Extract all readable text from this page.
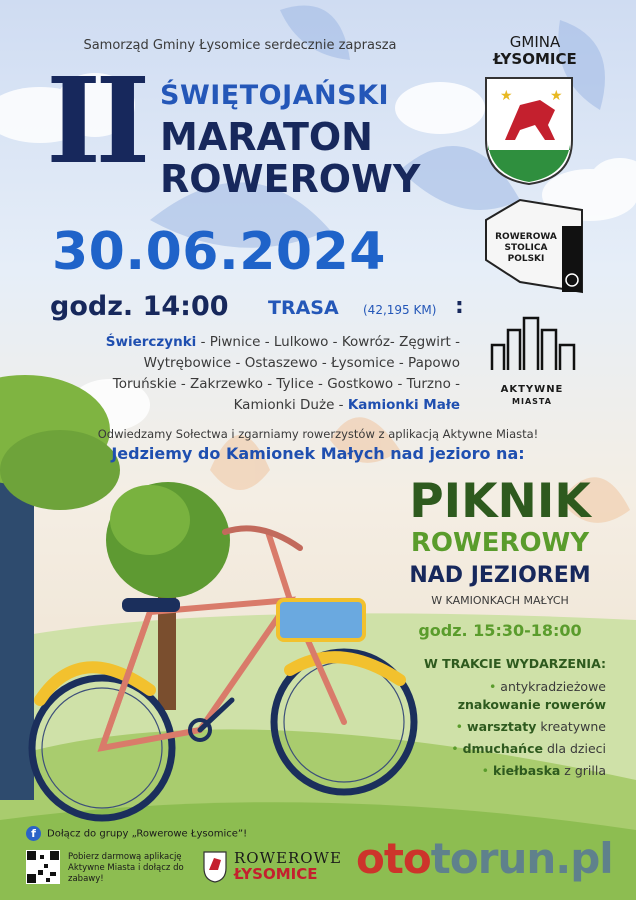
★	★
Samorząd Gminy Łysomice serdecznie zaprasza
II ŚWIĘTOJAŃSKI
MARATON
ROWEROWY
GMINA
ŁYSOMICE
ROWEROWA
STOLICA
POLSKI
AKTYWNE
MIASTA
30.06.2024
godz. 14:00 TRASA (42,195 KM) :
Świerczynki - Piwnice - Lulkowo - Kowróz- Zęgwirt -
Wytrębowice - Ostaszewo - Łysomice - Papowo
Toruńskie - Zakrzewko - Tylice - Gostkowo - Turzno -
Kamionki Duże - Kamionki Małe
Odwiedzamy Sołectwa i zgarniamy rowerzystów z aplikacją Aktywne Miasta!
Jedziemy do Kamionek Małych nad jezioro na:
PIKNIK
ROWEROWY
NAD JEZIOREM
W KAMIONKACH MAŁYCH
godz. 15:30-18:00
W TRAKCIE WYDARZENIA:
• antykradzieżowe
znakowanie rowerów
• warsztaty kreatywne
• dmuchańce dla dzieci
• kiełbaska z grilla
f Dołącz do grupy „Rowerowe Łysomice”!
Pobierz darmową aplikację Aktywne Miasta i dołącz do zabawy!
ROWEROWE
ŁYSOMICE ototorun.pl
